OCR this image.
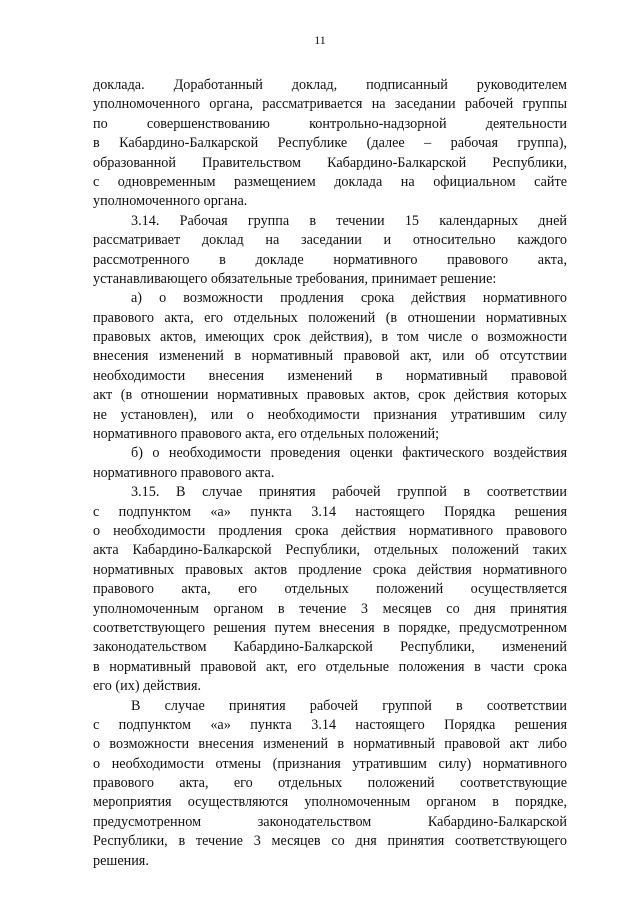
11
доклада. Доработанный доклад, подписанный руководителем
уполномоченного органа, рассматривается на заседании рабочей группы
по совершенствованию контрольно-надзорной деятельности
в Кабардино-Балкарской Республике (далее – рабочая группа),
образованной Правительством Кабардино-Балкарской Республики,
с одновременным размещением доклада на официальном сайте
уполномоченного органа.
3.14. Рабочая группа в течении 15 календарных дней
рассматривает доклад на заседании и относительно каждого
рассмотренного в докладе нормативного правового акта,
устанавливающего обязательные требования, принимает решение:
а) о возможности продления срока действия нормативного
правового акта, его отдельных положений (в отношении нормативных
правовых актов, имеющих срок действия), в том числе о возможности
внесения изменений в нормативный правовой акт, или об отсутствии
необходимости внесения изменений в нормативный правовой
акт (в отношении нормативных правовых актов, срок действия которых
не установлен), или о необходимости признания утратившим силу
нормативного правового акта, его отдельных положений;
б) о необходимости проведения оценки фактического воздействия
нормативного правового акта.
3.15. В случае принятия рабочей группой в соответствии
с подпунктом «а» пункта 3.14 настоящего Порядка решения
о необходимости продления срока действия нормативного правового
акта Кабардино-Балкарской Республики, отдельных положений таких
нормативных правовых актов продление срока действия нормативного
правового акта, его отдельных положений осуществляется
уполномоченным органом в течение 3 месяцев со дня принятия
соответствующего решения путем внесения в порядке, предусмотренном
законодательством Кабардино-Балкарской Республики, изменений
в нормативный правовой акт, его отдельные положения в части срока
его (их) действия.
В случае принятия рабочей группой в соответствии
с подпунктом «а» пункта 3.14 настоящего Порядка решения
о возможности внесения изменений в нормативный правовой акт либо
о необходимости отмены (признания утратившим силу) нормативного
правового акта, его отдельных положений соответствующие
мероприятия осуществляются уполномоченным органом в порядке,
предусмотренном законодательством Кабардино-Балкарской
Республики, в течение 3 месяцев со дня принятия соответствующего
решения.
